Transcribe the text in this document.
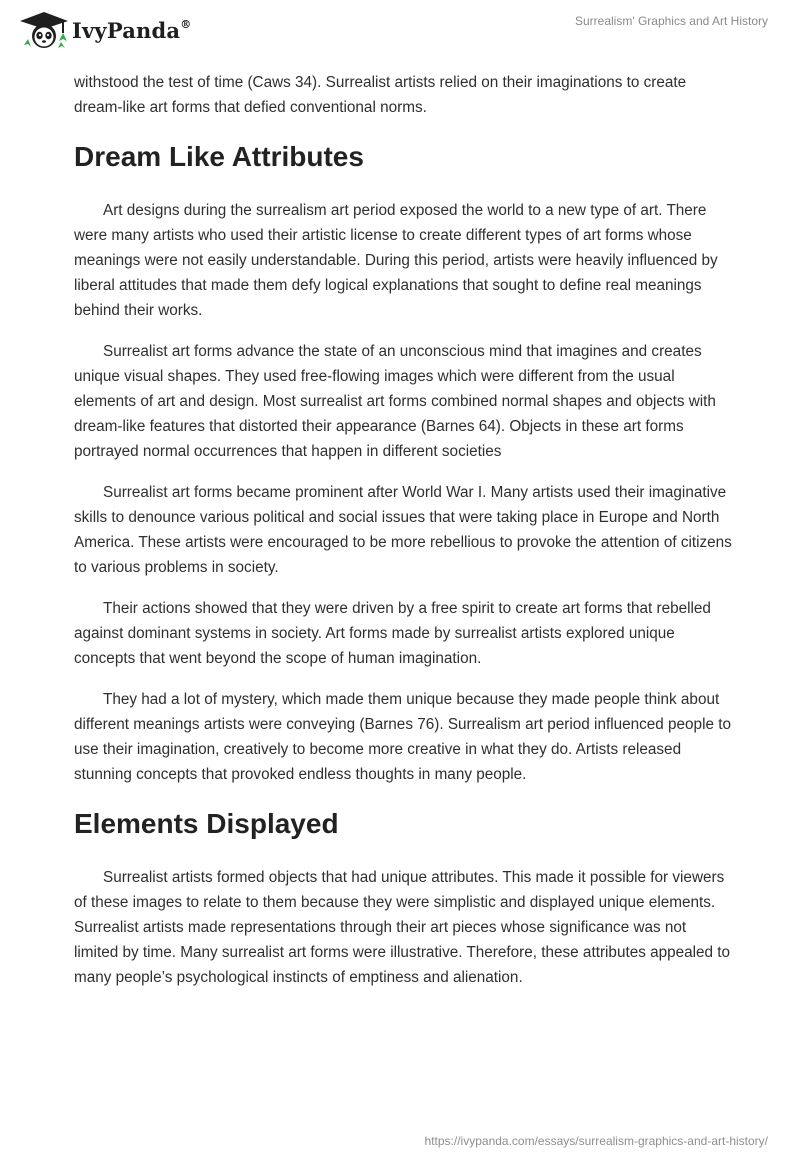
IvyPanda®	Surrealism' Graphics and Art History

withstood the test of time (Caws 34). Surrealist artists relied on their imaginations to create dream-like art forms that defied conventional norms.

Dream Like Attributes

Art designs during the surrealism art period exposed the world to a new type of art. There were many artists who used their artistic license to create different types of art forms whose meanings were not easily understandable. During this period, artists were heavily influenced by liberal attitudes that made them defy logical explanations that sought to define real meanings behind their works.

Surrealist art forms advance the state of an unconscious mind that imagines and creates unique visual shapes. They used free-flowing images which were different from the usual elements of art and design. Most surrealist art forms combined normal shapes and objects with dream-like features that distorted their appearance (Barnes 64). Objects in these art forms portrayed normal occurrences that happen in different societies

Surrealist art forms became prominent after World War I. Many artists used their imaginative skills to denounce various political and social issues that were taking place in Europe and North America. These artists were encouraged to be more rebellious to provoke the attention of citizens to various problems in society.

Their actions showed that they were driven by a free spirit to create art forms that rebelled against dominant systems in society. Art forms made by surrealist artists explored unique concepts that went beyond the scope of human imagination.

They had a lot of mystery, which made them unique because they made people think about different meanings artists were conveying (Barnes 76). Surrealism art period influenced people to use their imagination, creatively to become more creative in what they do. Artists released stunning concepts that provoked endless thoughts in many people.

Elements Displayed

Surrealist artists formed objects that had unique attributes. This made it possible for viewers of these images to relate to them because they were simplistic and displayed unique elements. Surrealist artists made representations through their art pieces whose significance was not limited by time. Many surrealist art forms were illustrative. Therefore, these attributes appealed to many people’s psychological instincts of emptiness and alienation.

https://ivypanda.com/essays/surrealism-graphics-and-art-history/
